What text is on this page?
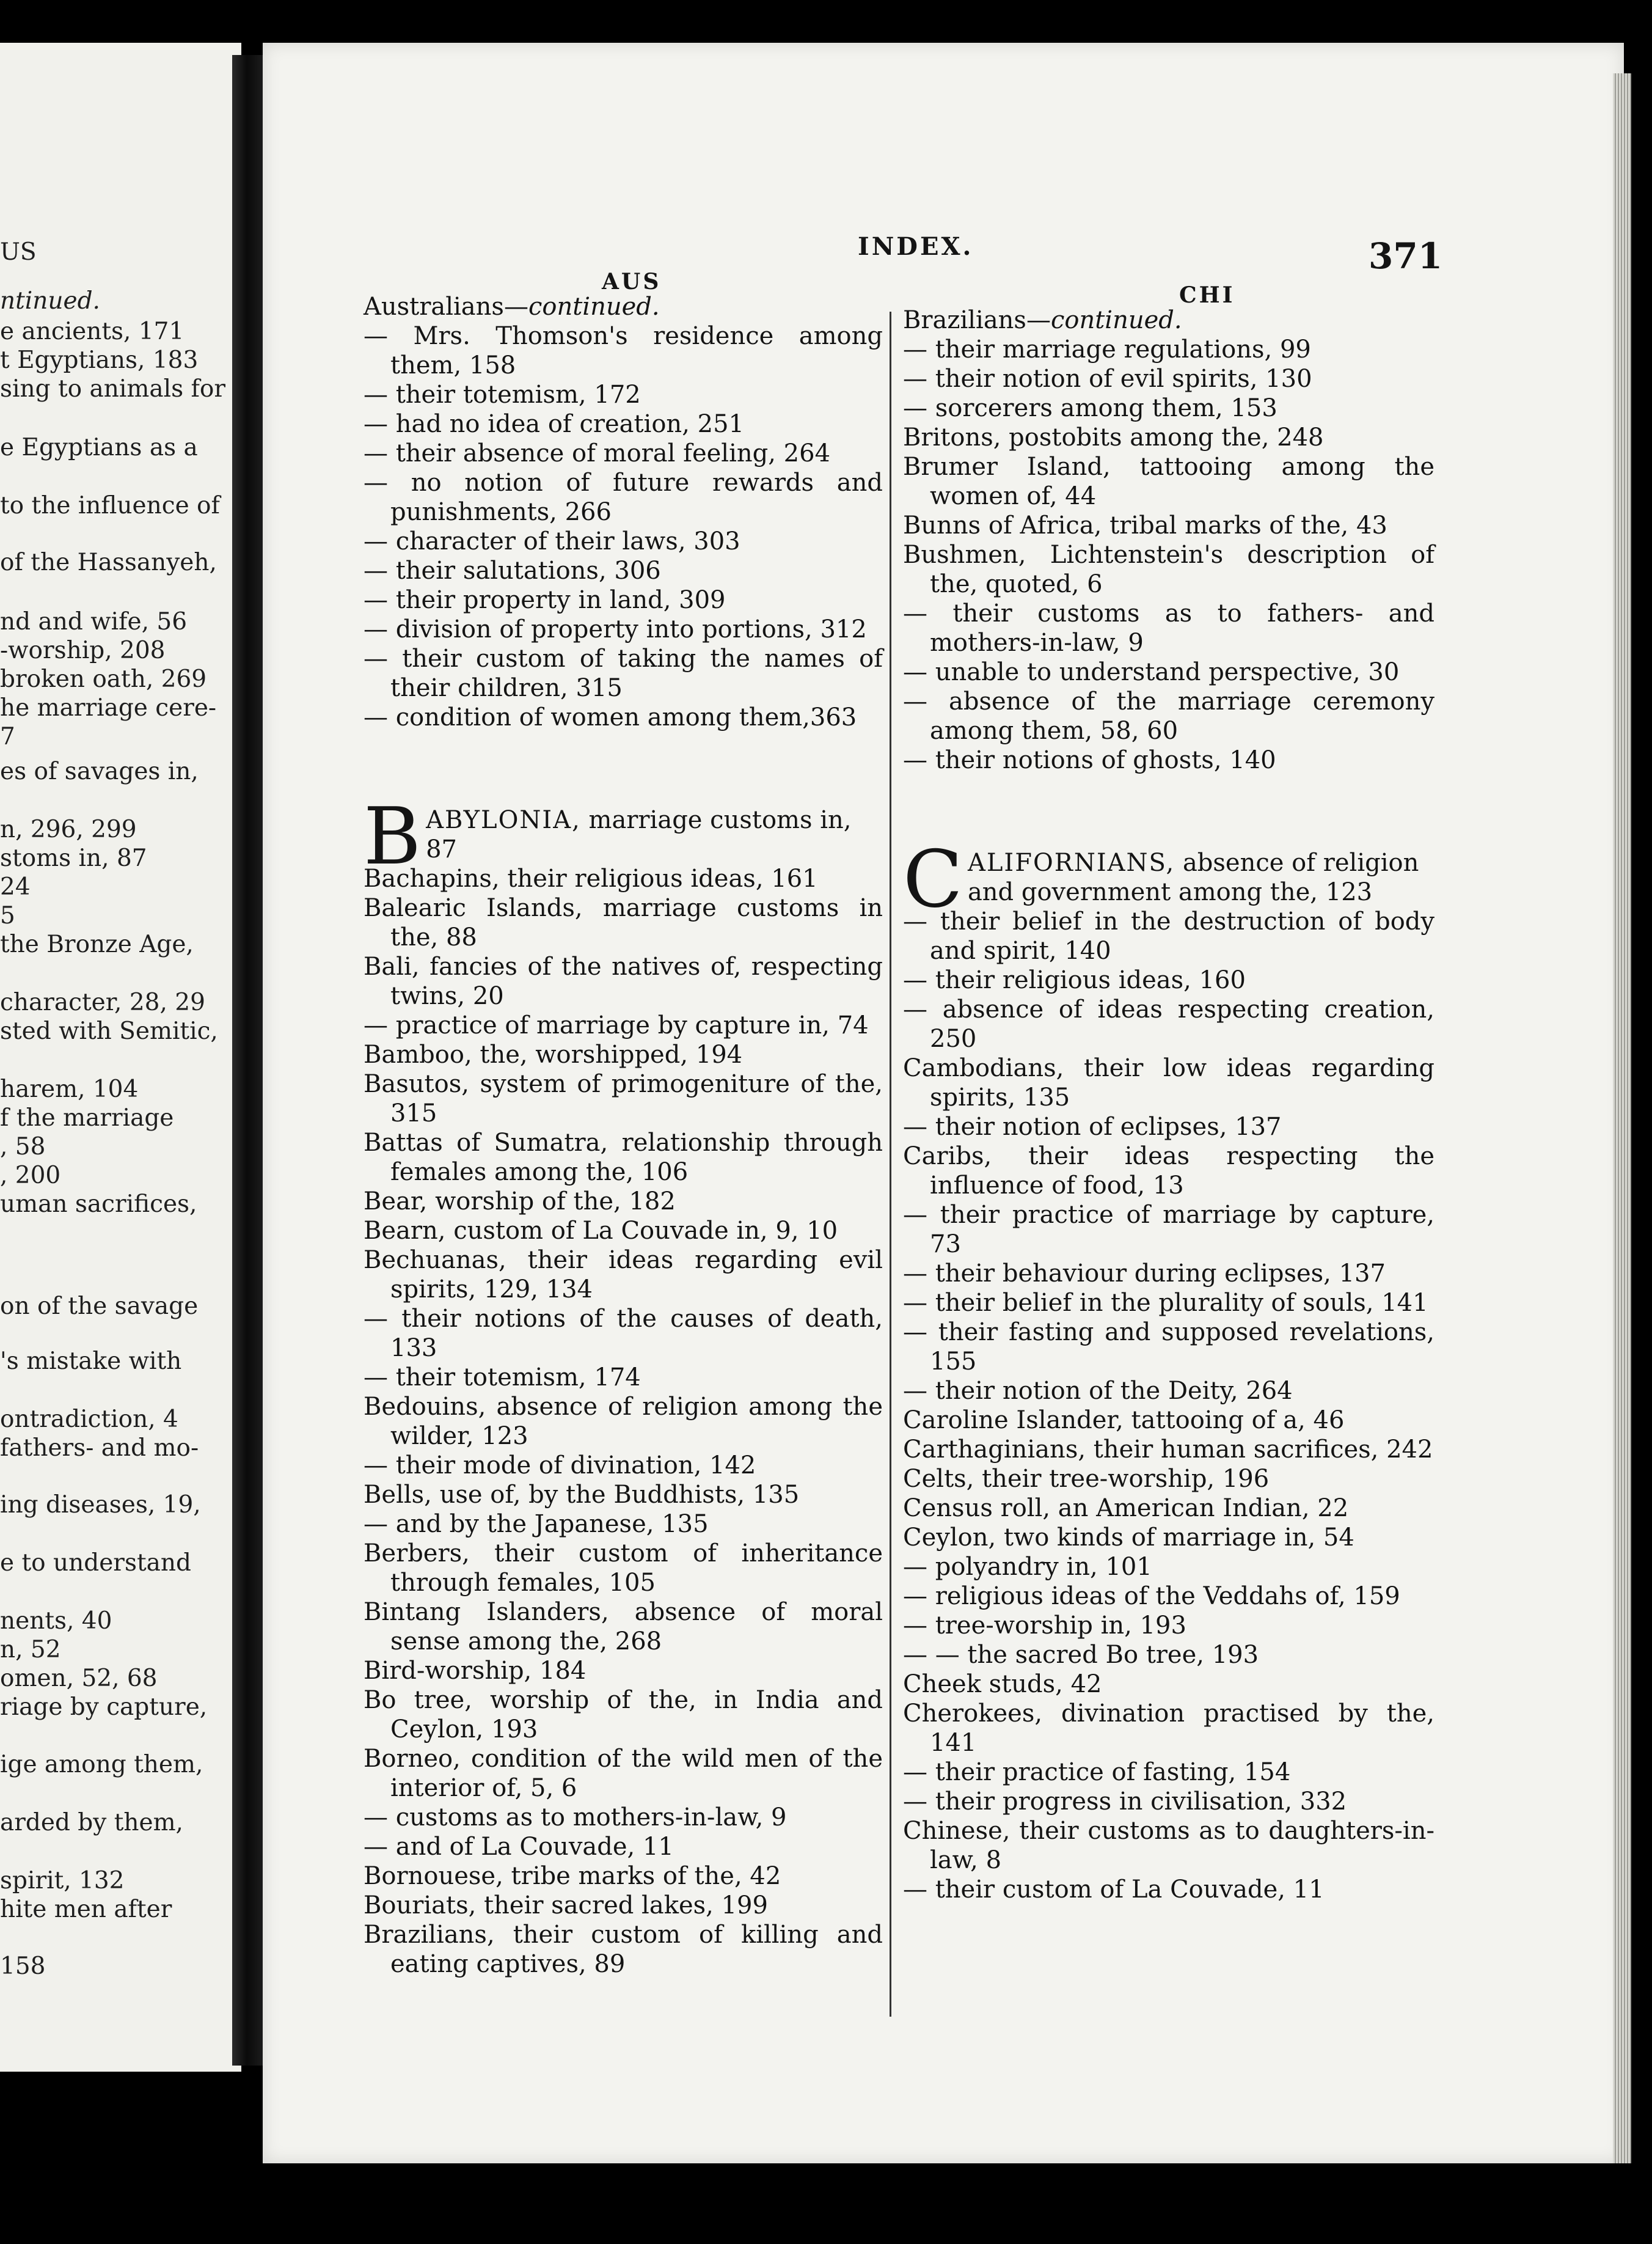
US
ntinued.
e ancients, 171
t Egyptians, 183
sing to animals for
e Egyptians as a
to the influence of
of the Hassanyeh,
nd and wife, 56
-worship, 208
broken oath, 269
he marriage cere-
7
es of savages in,
n, 296, 299
stoms in, 87
24
5
the Bronze Age,
character, 28, 29
sted with Semitic,
harem, 104
f the marriage
, 58
, 200
uman sacrifices,
on of the savage
's mistake with
ontradiction, 4
fathers- and mo-
ing diseases, 19,
e to understand
nents, 40
n, 52
omen, 52, 68
riage by capture,
ige among them,
arded by them,
spirit, 132
hite men after
158
INDEX.	371
AUS
CHI

Australians—continued.

— Mrs. Thomson's residence among them, 158

— their totemism, 172

— had no idea of creation, 251

— their absence of moral feeling, 264

— no notion of future rewards and punishments, 266

— character of their laws, 303

— their salutations, 306

— their property in land, 309

— division of property into portions, 312

— their custom of taking the names of their children, 315

— condition of women among them,363

B ABYLONIA, marriage customs in, 87

Bachapins, their religious ideas, 161

Balearic Islands, marriage customs in the, 88

Bali, fancies of the natives of, respecting twins, 20

— practice of marriage by capture in, 74

Bamboo, the, worshipped, 194

Basutos, system of primogeniture of the, 315

Battas of Sumatra, relationship through females among the, 106

Bear, worship of the, 182

Bearn, custom of La Couvade in, 9, 10

Bechuanas, their ideas regarding evil spirits, 129, 134

— their notions of the causes of death, 133

— their totemism, 174

Bedouins, absence of religion among the wilder, 123

— their mode of divination, 142

Bells, use of, by the Buddhists, 135

— and by the Japanese, 135

Berbers, their custom of inheritance through females, 105

Bintang Islanders, absence of moral sense among the, 268

Bird-worship, 184

Bo tree, worship of the, in India and Ceylon, 193

Borneo, condition of the wild men of the interior of, 5, 6

— customs as to mothers-in-law, 9

— and of La Couvade, 11

Bornouese, tribe marks of the, 42

Bouriats, their sacred lakes, 199

Brazilians, their custom of killing and eating captives, 89

Brazilians—continued.

— their marriage regulations, 99

— their notion of evil spirits, 130

— sorcerers among them, 153

Britons, postobits among the, 248

Brumer Island, tattooing among the women of, 44

Bunns of Africa, tribal marks of the, 43

Bushmen, Lichtenstein's description of the, quoted, 6

— their customs as to fathers- and mothers-in-law, 9

— unable to understand perspective, 30

— absence of the marriage ceremony among them, 58, 60

— their notions of ghosts, 140

C ALIFORNIANS, absence of religion and government among the, 123

— their belief in the destruction of body and spirit, 140

— their religious ideas, 160

— absence of ideas respecting creation, 250

Cambodians, their low ideas regarding spirits, 135

— their notion of eclipses, 137

Caribs, their ideas respecting the influence of food, 13

— their practice of marriage by capture, 73

— their behaviour during eclipses, 137

— their belief in the plurality of souls, 141

— their fasting and supposed revelations, 155

— their notion of the Deity, 264

Caroline Islander, tattooing of a, 46

Carthaginians, their human sacrifices, 242

Celts, their tree-worship, 196

Census roll, an American Indian, 22

Ceylon, two kinds of marriage in, 54

— polyandry in, 101

— religious ideas of the Veddahs of, 159

— tree-worship in, 193

— — the sacred Bo tree, 193

Cheek studs, 42

Cherokees, divination practised by the, 141

— their practice of fasting, 154

— their progress in civilisation, 332

Chinese, their customs as to daughters-in-law, 8

— their custom of La Couvade, 11
